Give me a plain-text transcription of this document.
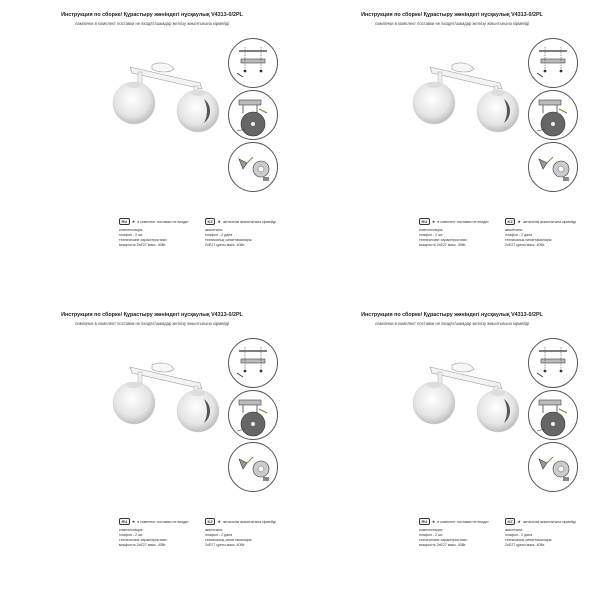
Инструкция по сборке/ Құрастыру жөніндегі нұсқаулық V4313-0/2PL
лампочки в комплект поставки не входят/шамдар жеткізу жиынтығына кірмейді
RU ★ в комплект поставки не входит
комплектация:
плафон - 2 шт.
технические характеристики:
мощность 2хE27 макс. 40Вт.
KZ ★ жеткізілім жиынтығына кірмейді
жиынтығы:
плафон - 2 дана
техникалық сипаттамалары:
2хE27 қуаты макс. 40Вт.
Инструкция по сборке/ Құрастыру жөніндегі нұсқаулық V4313-0/2PL
лампочки в комплект поставки не входят/шамдар жеткізу жиынтығына кірмейді
RU ★ в комплект поставки не входит
комплектация:
плафон - 2 шт.
технические характеристики:
мощность 2хE27 макс. 40Вт.
KZ ★ жеткізілім жиынтығына кірмейді
жиынтығы:
плафон - 2 дана
техникалық сипаттамалары:
2хE27 қуаты макс. 40Вт.
Инструкция по сборке/ Құрастыру жөніндегі нұсқаулық V4313-0/2PL
лампочки в комплект поставки не входят/шамдар жеткізу жиынтығына кірмейді
RU ★ в комплект поставки не входит
комплектация:
плафон - 2 шт.
технические характеристики:
мощность 2хE27 макс. 40Вт.
KZ ★ жеткізілім жиынтығына кірмейді
жиынтығы:
плафон - 2 дана
техникалық сипаттамалары:
2хE27 қуаты макс. 40Вт.
Инструкция по сборке/ Құрастыру жөніндегі нұсқаулық V4313-0/2PL
лампочки в комплект поставки не входят/шамдар жеткізу жиынтығына кірмейді
RU ★ в комплект поставки не входит
комплектация:
плафон - 2 шт.
технические характеристики:
мощность 2хE27 макс. 40Вт.
KZ ★ жеткізілім жиынтығына кірмейді
жиынтығы:
плафон - 2 дана
техникалық сипаттамалары:
2хE27 қуаты макс. 40Вт.
